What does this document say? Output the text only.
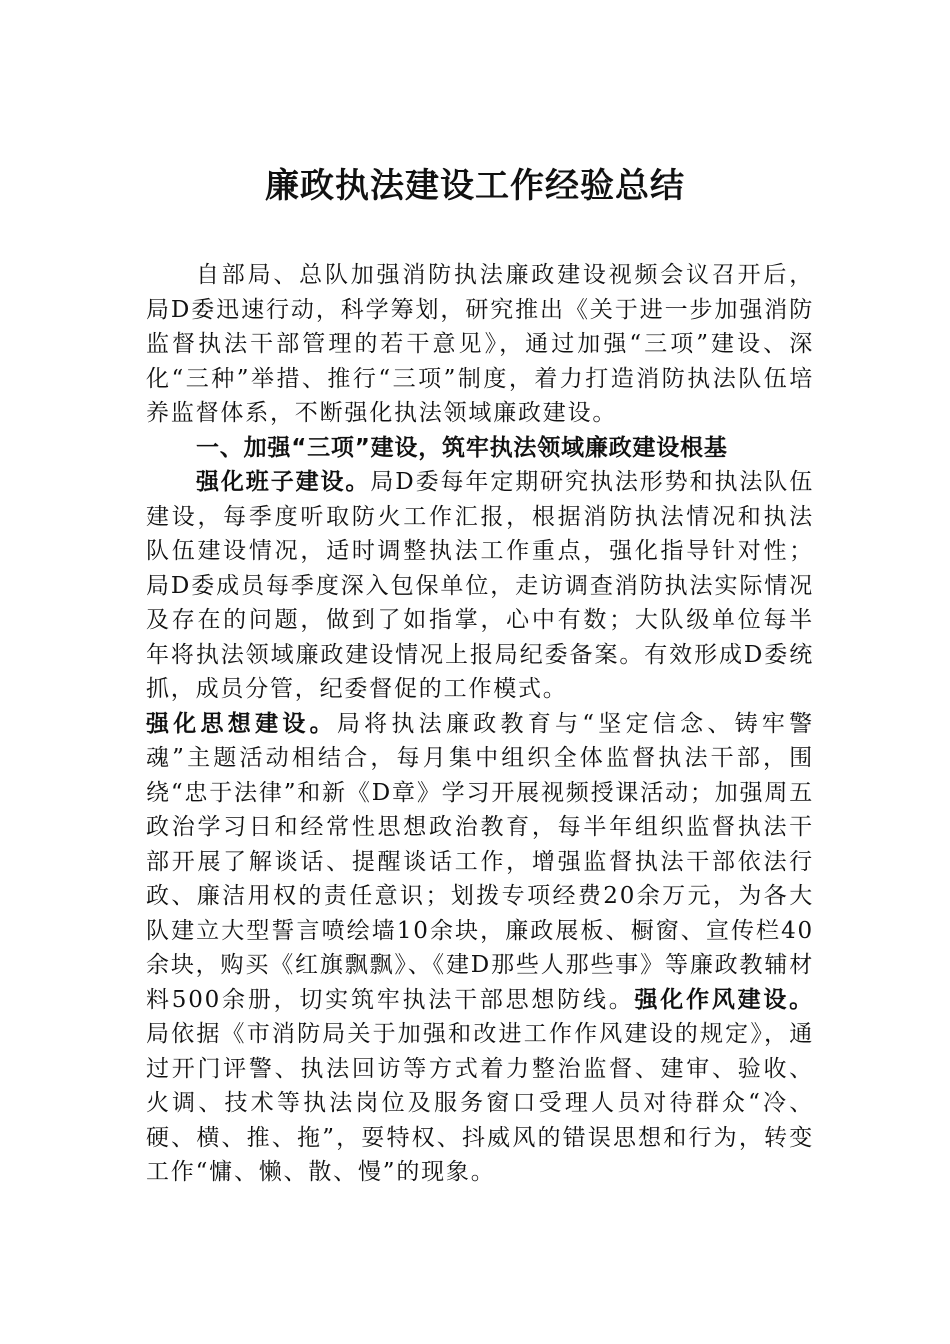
廉政执法建设工作经验总结

自部局、总队加强消防执法廉政建设视频会议召开后，局D委迅速行动，科学筹划，研究推出《关于进一步加强消防监督执法干部管理的若干意见》，通过加强“三项”建设、深化“三种”举措、推行“三项”制度，着力打造消防执法队伍培养监督体系，不断强化执法领域廉政建设。

一、加强“三项”建设，筑牢执法领域廉政建设根基

强化班子建设。局D委每年定期研究执法形势和执法队伍建设，每季度听取防火工作汇报，根据消防执法情况和执法队伍建设情况，适时调整执法工作重点，强化指导针对性；局D委成员每季度深入包保单位，走访调查消防执法实际情况及存在的问题，做到了如指掌，心中有数；大队级单位每半年将执法领域廉政建设情况上报局纪委备案。有效形成D委统抓，成员分管，纪委督促的工作模式。

强化思想建设。局将执法廉政教育与“坚定信念、铸牢警魂”主题活动相结合，每月集中组织全体监督执法干部，围绕“忠于法律”和新《D章》学习开展视频授课活动；加强周五政治学习日和经常性思想政治教育，每半年组织监督执法干部开展了解谈话、提醒谈话工作，增强监督执法干部依法行政、廉洁用权的责任意识；划拨专项经费20余万元，为各大队建立大型誓言喷绘墙10余块，廉政展板、橱窗、宣传栏40余块，购买《红旗飘飘》、《建D那些人那些事》等廉政教辅材料500余册，切实筑牢执法干部思想防线。强化作风建设。局依据《市消防局关于加强和改进工作作风建设的规定》，通过开门评警、执法回访等方式着力整治监督、建审、验收、火调、技术等执法岗位及服务窗口受理人员对待群众“冷、硬、横、推、拖”，耍特权、抖威风的错误思想和行为，转变工作“慵、懒、散、慢”的现象。
